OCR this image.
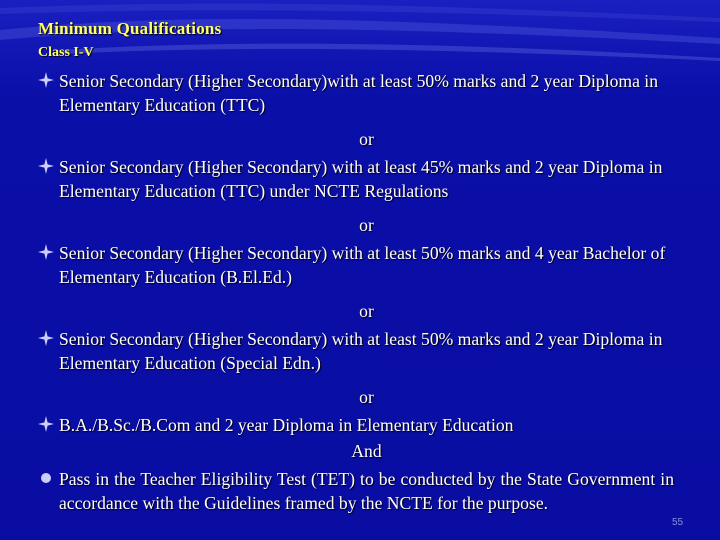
Minimum Qualifications
Class I-V
Senior Secondary (Higher Secondary)with at least 50% marks and 2 year Diploma in Elementary Education (TTC)
or
Senior Secondary (Higher Secondary) with at least 45% marks and 2 year Diploma in Elementary Education (TTC) under NCTE Regulations
or
Senior Secondary (Higher Secondary) with at least 50% marks and 4 year Bachelor of Elementary Education (B.El.Ed.)
or
Senior Secondary (Higher Secondary) with at least 50% marks and 2 year Diploma in Elementary Education (Special Edn.)
or
B.A./B.Sc./B.Com and 2 year Diploma in Elementary Education
And
Pass in the Teacher Eligibility Test (TET) to be conducted by the State Government in accordance with the Guidelines framed by the NCTE for the purpose.
55
